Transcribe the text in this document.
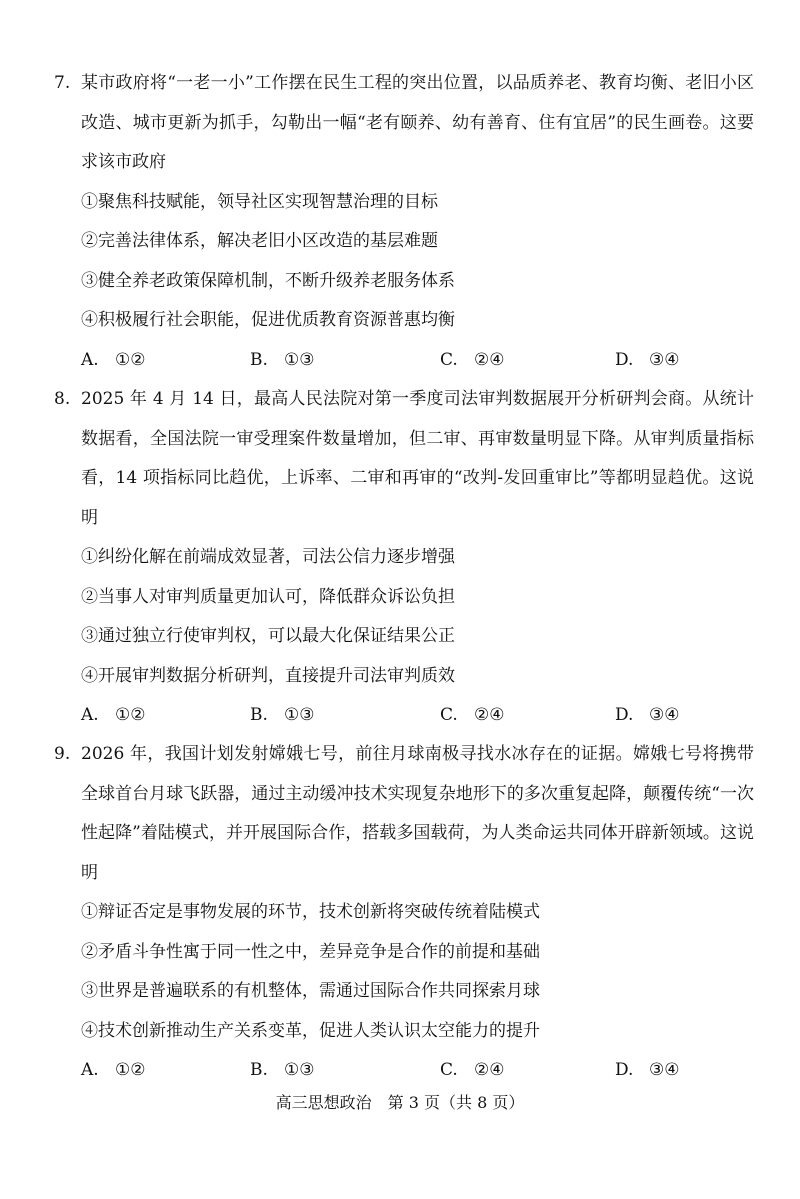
7. 某市政府将“一老一小”工作摆在民生工程的突出位置，以品质养老、教育均衡、老旧小区改造、城市更新为抓手，勾勒出一幅“老有颐养、幼有善育、住有宜居”的民生画卷。这要求该市政府
①聚焦科技赋能，领导社区实现智慧治理的目标
②完善法律体系，解决老旧小区改造的基层难题
③健全养老政策保障机制，不断升级养老服务体系
④积极履行社会职能，促进优质教育资源普惠均衡
A. ①②	B. ①③	C. ②④	D. ③④
8. 2025 年 4 月 14 日，最高人民法院对第一季度司法审判数据展开分析研判会商。从统计数据看，全国法院一审受理案件数量增加，但二审、再审数量明显下降。从审判质量指标看，14 项指标同比趋优，上诉率、二审和再审的“改判-发回重审比”等都明显趋优。这说明
①纠纷化解在前端成效显著，司法公信力逐步增强
②当事人对审判质量更加认可，降低群众诉讼负担
③通过独立行使审判权，可以最大化保证结果公正
④开展审判数据分析研判，直接提升司法审判质效
A. ①②	B. ①③	C. ②④	D. ③④
9. 2026 年，我国计划发射嫦娥七号，前往月球南极寻找水冰存在的证据。嫦娥七号将携带全球首台月球飞跃器，通过主动缓冲技术实现复杂地形下的多次重复起降，颠覆传统“一次性起降”着陆模式，并开展国际合作，搭载多国载荷，为人类命运共同体开辟新领域。这说明
①辩证否定是事物发展的环节，技术创新将突破传统着陆模式
②矛盾斗争性寓于同一性之中，差异竞争是合作的前提和基础
③世界是普遍联系的有机整体，需通过国际合作共同探索月球
④技术创新推动生产关系变革，促进人类认识太空能力的提升
A. ①②	B. ①③	C. ②④	D. ③④
高三思想政治　第 3 页（共 8 页）
